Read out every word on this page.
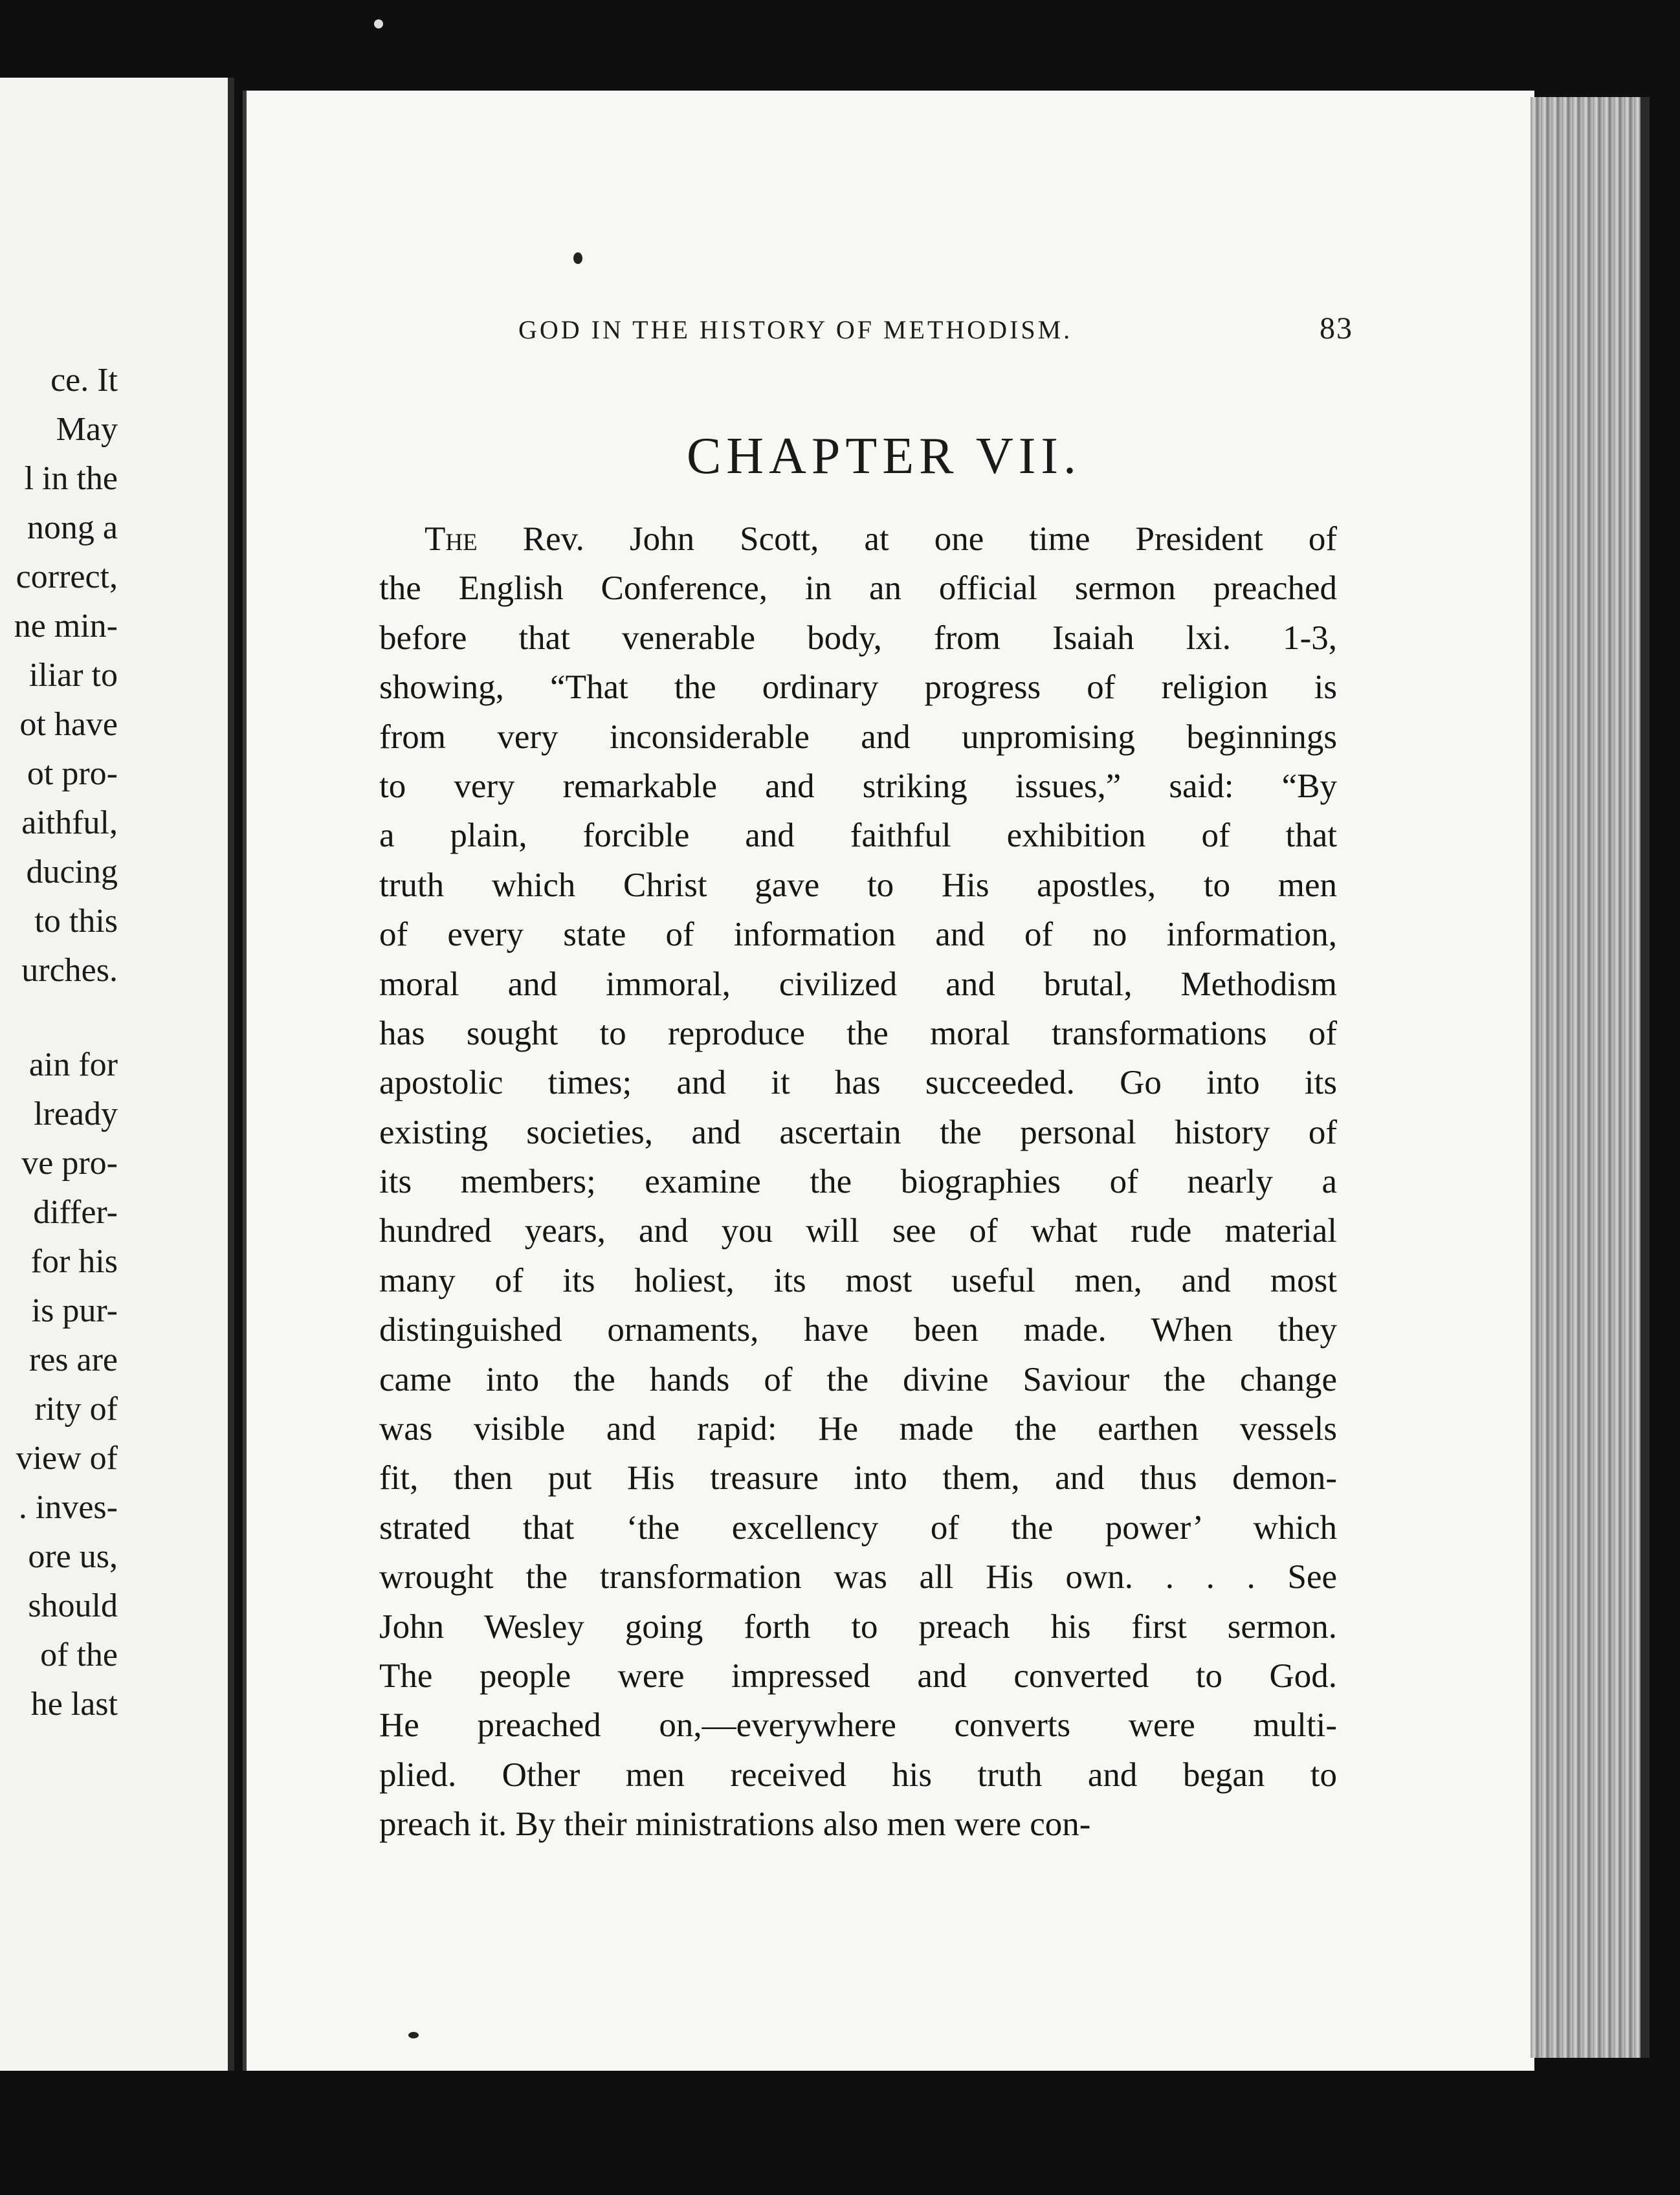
ce. It
May
l in the
nong a
correct,
ne min-
iliar to
ot have
ot pro-
aithful,
ducing
to this
urches.
ain for
lready
ve pro-
differ-
for his
is pur-
res are
rity of
view of
. inves-
ore us,
should
of the
he last
GOD IN THE HISTORY OF METHODISM.	83
CHAPTER VII.
The Rev. John Scott, at one time President of
the English Conference, in an official sermon preached
before that venerable body, from Isaiah lxi. 1-3,
showing, “That the ordinary progress of religion is
from very inconsiderable and unpromising beginnings
to very remarkable and striking issues,” said: “By
a plain, forcible and faithful exhibition of that
truth which Christ gave to His apostles, to men
of every state of information and of no information,
moral and immoral, civilized and brutal, Methodism
has sought to reproduce the moral transformations of
apostolic times; and it has succeeded. Go into its
existing societies, and ascertain the personal history of
its members; examine the biographies of nearly a
hundred years, and you will see of what rude material
many of its holiest, its most useful men, and most
distinguished ornaments, have been made. When they
came into the hands of the divine Saviour the change
was visible and rapid: He made the earthen vessels
fit, then put His treasure into them, and thus demon-
strated that ‘the excellency of the power’ which
wrought the transformation was all His own. . . . See
John Wesley going forth to preach his first sermon.
The people were impressed and converted to God.
He preached on,—everywhere converts were multi-
plied. Other men received his truth and began to
preach it. By their ministrations also men were con-
